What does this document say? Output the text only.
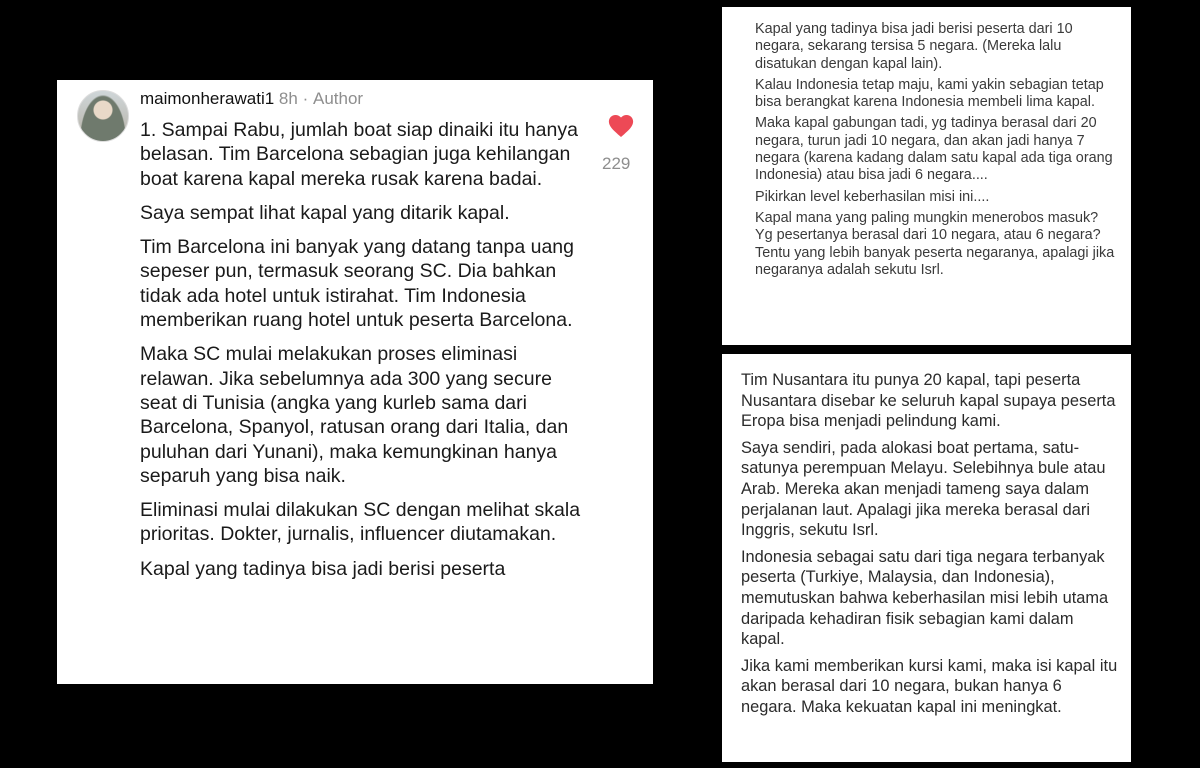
maimonherawati1 8h · Author

1. Sampai Rabu, jumlah boat siap dinaiki itu hanya belasan. Tim Barcelona sebagian juga kehilangan boat karena kapal mereka rusak karena badai.

Saya sempat lihat kapal yang ditarik kapal.

Tim Barcelona ini banyak yang datang tanpa uang sepeser pun, termasuk seorang SC. Dia bahkan tidak ada hotel untuk istirahat. Tim Indonesia memberikan ruang hotel untuk peserta Barcelona.

Maka SC mulai melakukan proses eliminasi relawan. Jika sebelumnya ada 300 yang secure seat di Tunisia (angka yang kurleb sama dari Barcelona, Spanyol, ratusan orang dari Italia, dan puluhan dari Yunani), maka kemungkinan hanya separuh yang bisa naik.

Eliminasi mulai dilakukan SC dengan melihat skala prioritas. Dokter, jurnalis, influencer diutamakan.

Kapal yang tadinya bisa jadi berisi peserta

229

Kapal yang tadinya bisa jadi berisi peserta dari 10 negara, sekarang tersisa 5 negara. (Mereka lalu disatukan dengan kapal lain).

Kalau Indonesia tetap maju, kami yakin sebagian tetap bisa berangkat karena Indonesia membeli lima kapal.

Maka kapal gabungan tadi, yg tadinya berasal dari 20 negara, turun jadi 10 negara, dan akan jadi hanya 7 negara (karena kadang dalam satu kapal ada tiga orang Indonesia) atau bisa jadi 6 negara....

Pikirkan level keberhasilan misi ini....

Kapal mana yang paling mungkin menerobos masuk? Yg pesertanya berasal dari 10 negara, atau 6 negara? Tentu yang lebih banyak peserta negaranya, apalagi jika negaranya adalah sekutu Isrl.

Tim Nusantara itu punya 20 kapal, tapi peserta Nusantara disebar ke seluruh kapal supaya peserta Eropa bisa menjadi pelindung kami.

Saya sendiri, pada alokasi boat pertama, satu-satunya perempuan Melayu. Selebihnya bule atau Arab. Mereka akan menjadi tameng saya dalam perjalanan laut. Apalagi jika mereka berasal dari Inggris, sekutu Isrl.

Indonesia sebagai satu dari tiga negara terbanyak peserta (Turkiye, Malaysia, dan Indonesia), memutuskan bahwa keberhasilan misi lebih utama daripada kehadiran fisik sebagian kami dalam kapal.

Jika kami memberikan kursi kami, maka isi kapal itu akan berasal dari 10 negara, bukan hanya 6 negara. Maka kekuatan kapal ini meningkat.
